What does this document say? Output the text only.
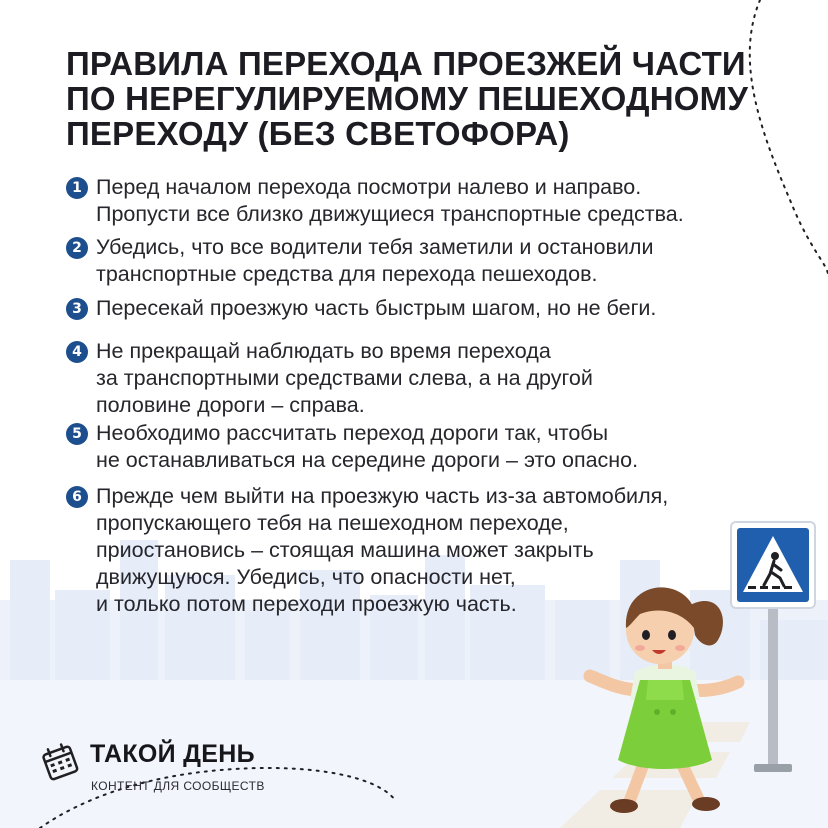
ПРАВИЛА ПЕРЕХОДА ПРОЕЗЖЕЙ ЧАСТИ
ПО НЕРЕГУЛИРУЕМОМУ ПЕШЕХОДНОМУ
ПЕРЕХОДУ (БЕЗ СВЕТОФОРА)
1 Перед началом перехода посмотри налево и направо.
Пропусти все близко движущиеся транспортные средства.
2 Убедись, что все водители тебя заметили и остановили
транспортные средства для перехода пешеходов.
3 Пересекай проезжую часть быстрым шагом, но не беги.
4 Не прекращай наблюдать во время перехода
за транспортными средствами слева, а на другой
половине дороги – справа.
5 Необходимо рассчитать переход дороги так, чтобы
не останавливаться на середине дороги – это опасно.
6 Прежде чем выйти на проезжую часть из-за автомобиля,
пропускающего тебя на пешеходном переходе,
приостановись – стоящая машина может закрыть
движущуюся. Убедись, что опасности нет,
и только потом переходи проезжую часть.
ТАКОЙ ДЕНЬ
КОНТЕНТ ДЛЯ СООБЩЕСТВ
